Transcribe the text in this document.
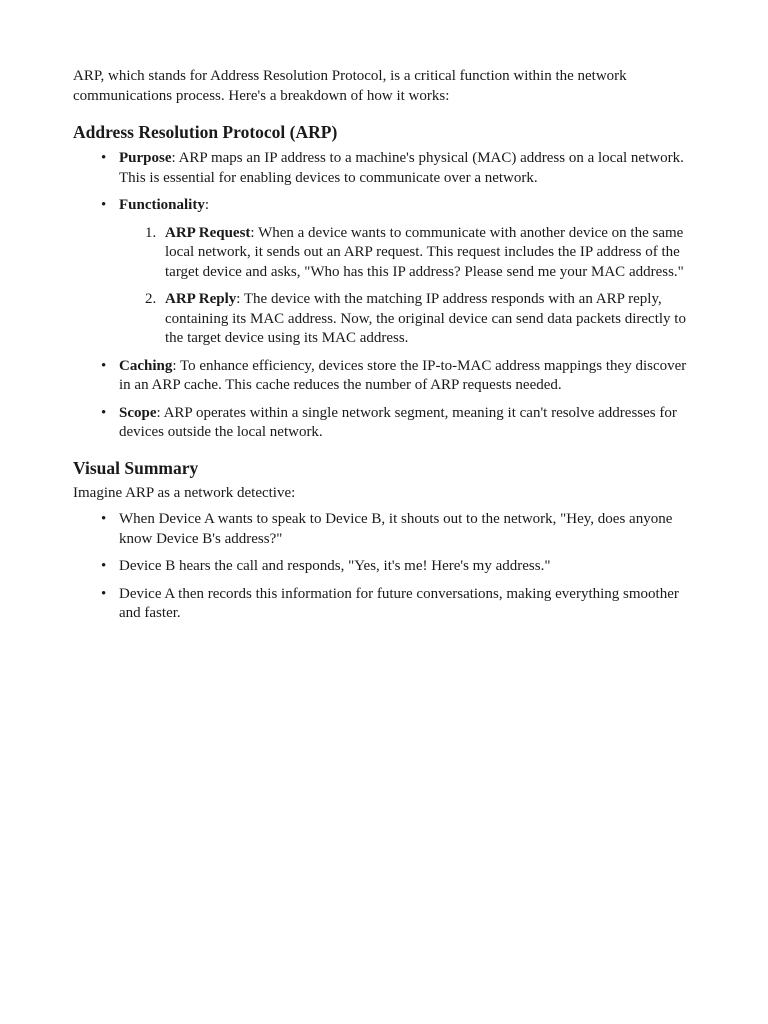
ARP, which stands for Address Resolution Protocol, is a critical function within the network communications process. Here's a breakdown of how it works:

Address Resolution Protocol (ARP)
• Purpose: ARP maps an IP address to a machine's physical (MAC) address on a local network. This is essential for enabling devices to communicate over a network.
• Functionality:
1. ARP Request: When a device wants to communicate with another device on the same local network, it sends out an ARP request. This request includes the IP address of the target device and asks, "Who has this IP address? Please send me your MAC address."
2. ARP Reply: The device with the matching IP address responds with an ARP reply, containing its MAC address. Now, the original device can send data packets directly to the target device using its MAC address.
• Caching: To enhance efficiency, devices store the IP-to-MAC address mappings they discover in an ARP cache. This cache reduces the number of ARP requests needed.
• Scope: ARP operates within a single network segment, meaning it can't resolve addresses for devices outside the local network.
Visual Summary

Imagine ARP as a network detective:

• When Device A wants to speak to Device B, it shouts out to the network, "Hey, does anyone know Device B's address?"
• Device B hears the call and responds, "Yes, it's me! Here's my address."
• Device A then records this information for future conversations, making everything smoother and faster.
